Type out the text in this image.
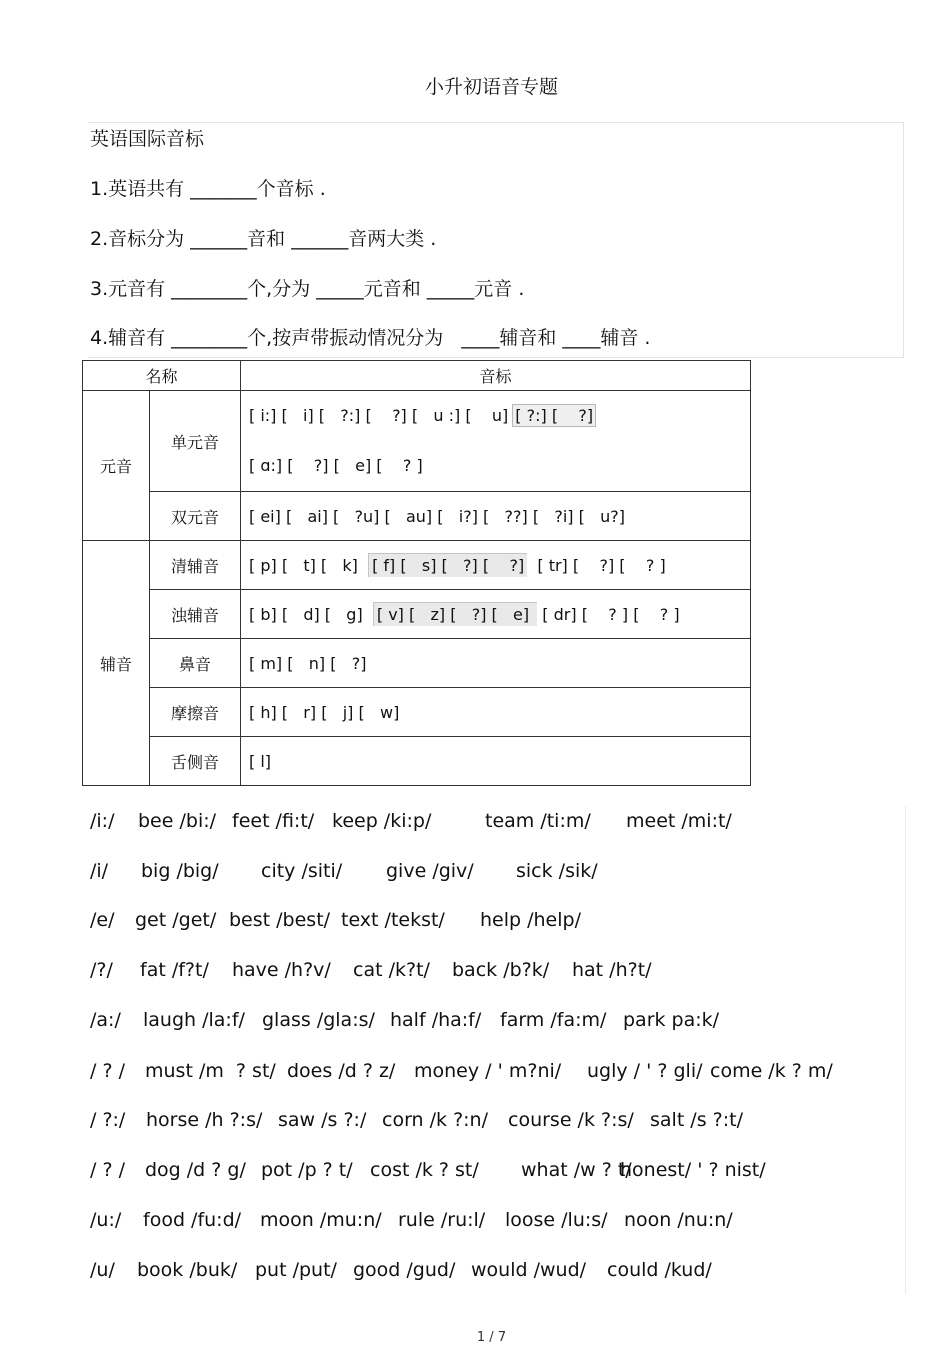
小升初语音专题
英语国际音标
1.英语共有 _______个音标 .
2.音标分为 ______音和 ______音两大类 .
3.元音有 ________个,分为 _____元音和 _____元音 .
4.辅音有 ________个,按声带振动情况分为   ____辅音和 ____辅音 .
名称		音标
元音	单元音	[ i:] [   i] [   ?:] [    ?] [   u :] [    u] [ ?:] [    ?]
[ ɑ:] [    ?] [   e] [    ? ]

	双元音	[ ei] [   ai] [   ?u] [   au] [   i?] [   ??] [   ?i] [   u?]
辅音	清辅音	[ p] [   t] [   k]  [ f] [   s] [   ?] [    ?]  [ tr] [    ?] [    ? ]
	浊辅音	[ b] [   d] [   g]  [ v] [   z] [   ?] [   e]  [ dr] [    ? ] [    ? ]
	鼻音	[ m] [   n] [   ?]
	摩擦音	[ h] [   r] [   j] [   w]
	舌侧音	[ l]
/i:/ bee /bi:/ feet /fi:t/ keep /ki:p/	team /ti:m/ meet /mi:t/
/i/ big /big/ city /siti/ give /giv/ sick /sik/
/e/ get /get/ best /best/ text /tekst/ help /help/
/?/ fat /f?t/ have /h?v/ cat /k?t/ back /b?k/ hat /h?t/
/a:/ laugh /la:f/ glass /gla:s/ half /ha:f/ farm /fa:m/ park pa:k/
/ ? / must /m  ? st/ does /d ? z/ money / ' m?ni/ ugly / ' ? gli/ come /k ? m/
/ ?:/ horse /h ?:s/ saw /s ?:/ corn /k ?:n/ course /k ?:s/ salt /s ?:t/
/ ? / dog /d ? g/ pot /p ? t/ cost /k ? st/ what /w ? t/
honest/ ' ? nist/
/u:/ food /fu:d/ moon /mu:n/ rule /ru:l/ loose /lu:s/ noon /nu:n/
/u/ book /buk/ put /put/ good /gud/ would /wud/ could /kud/
1 / 7
